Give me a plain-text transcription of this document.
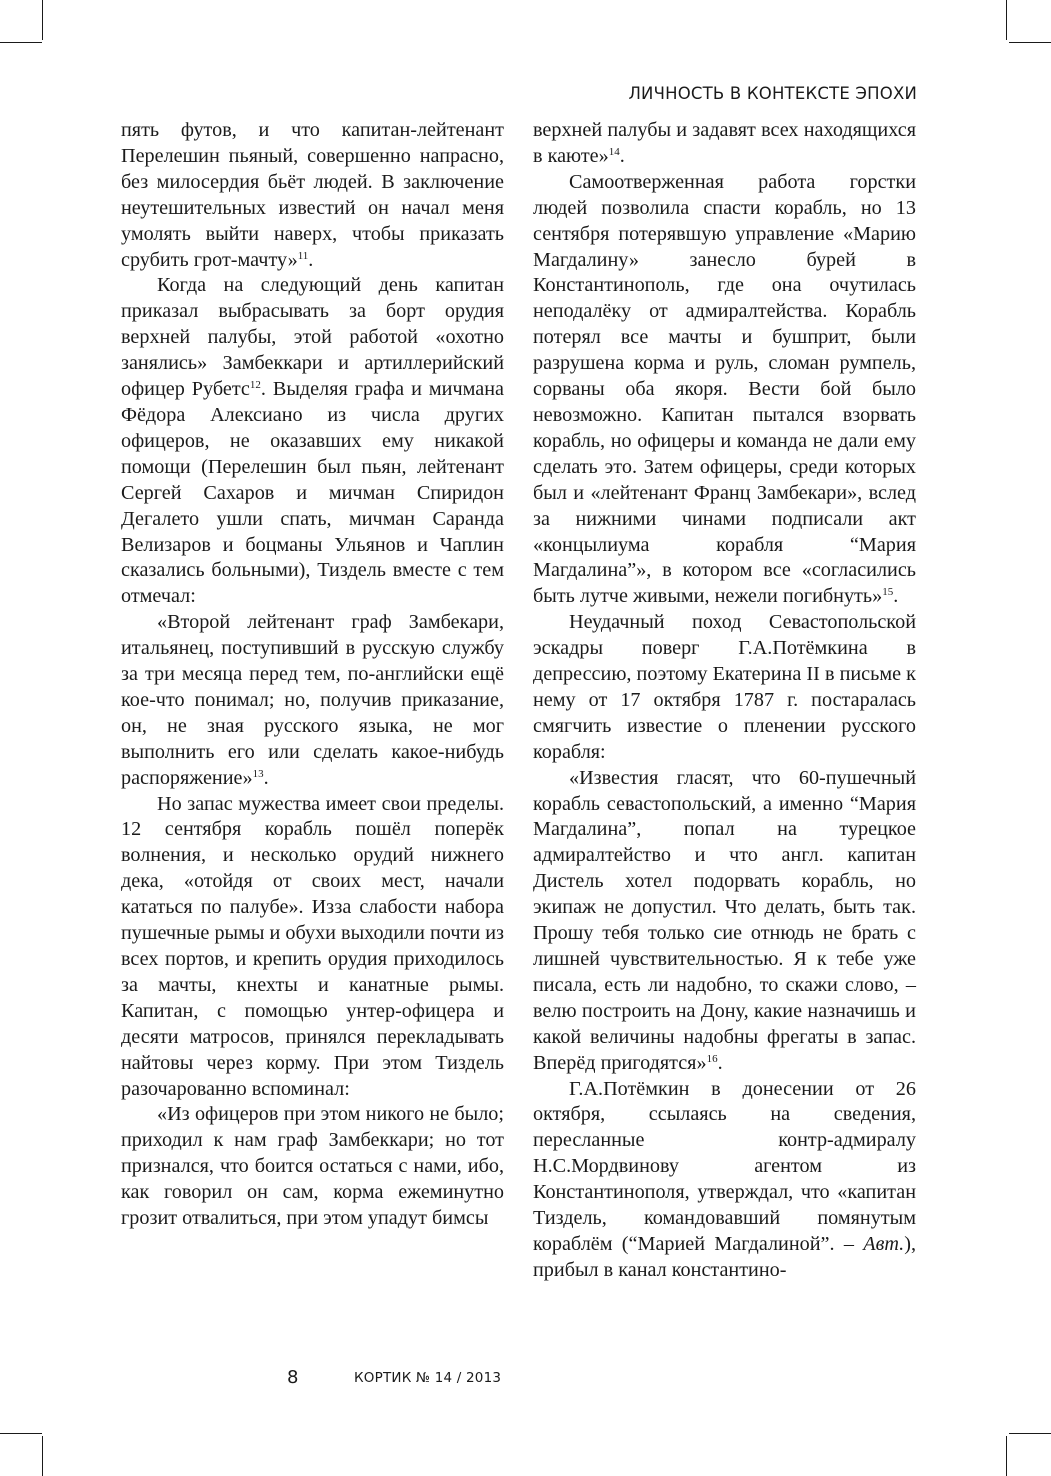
ЛИЧНОСТЬ В КОНТЕКСТЕ ЭПОХИ

пять футов, и что капитан-лейтенант Перелешин пьяный, совершенно напрасно, без милосердия бьёт людей. В заключение неутешительных известий он начал меня умолять выйти наверх, чтобы приказать срубить грот-мачту»$^{11}$.

Когда на следующий день капитан приказал выбрасывать за борт орудия верхней палубы, этой работой «охотно занялись» Замбеккари и артиллерийский офицер Рубетс$^{12}$. Выделяя графа и мичмана Фёдора Алексиано из числа других офицеров, не оказавших ему никакой помощи (Перелешин был пьян, лейтенант Сергей Сахаров и мичман Спиридон Дегалето ушли спать, мичман Саранда Велизаров и боцманы Ульянов и Чаплин сказались больными), Тиздель вместе с тем отмечал:

«Второй лейтенант граф Замбекари, итальянец, поступивший в русскую службу за три месяца перед тем, по-английски ещё кое-что понимал; но, получив приказание, он, не зная русского языка, не мог выполнить его или сделать какое-нибудь распоряжение»$^{13}$.

Но запас мужества имеет свои пределы. 12 сентября корабль пошёл поперёк волнения, и несколько орудий нижнего дека, «отойдя от своих мест, начали кататься по палубе». Изза слабости набора пушечные рымы и обухи выходили почти из всех портов, и крепить орудия приходилось за мачты, кнехты и канатные рымы. Капитан, с помощью унтер-офицера и десяти матросов, принялся перекладывать найтовы через корму. При этом Тиздель разочарованно вспоминал:

«Из офицеров при этом никого не было; приходил к нам граф Замбеккари; но тот признался, что боится остаться с нами, ибо, как говорил он сам, корма ежеминутно грозит отвалиться, при этом упадут бимсы

верхней палубы и задавят всех находящихся в каюте»$^{14}$.

Самоотверженная работа горстки людей позволила спасти корабль, но 13 сентября потерявшую управление «Марию Магдалину» занесло бурей в Константинополь, где она очутилась неподалёку от адмиралтейства. Корабль потерял все мачты и бушприт, были разрушена корма и руль, сломан румпель, сорваны оба якоря. Вести бой было невозможно. Капитан пытался взорвать корабль, но офицеры и команда не дали ему сделать это. Затем офицеры, среди которых был и «лейтенант Франц Замбекари», вслед за нижними чинами подписали акт «концылиума корабля “Мария Магдалина”», в котором все «согласились быть лутче живыми, нежели погибнуть»$^{15}$.

Неудачный поход Севастопольской эскадры поверг Г.А.Потёмкина в депрессию, поэтому Екатерина II в письме к нему от 17 октября 1787 г. постаралась смягчить известие о пленении русского корабля:

«Известия гласят, что 60-пушечный корабль севастопольский, а именно “Мария Магдалина”, попал на турецкое адмиралтейство и что англ. капитан Дистель хотел подорвать корабль, но экипаж не допустил. Что делать, быть так. Прошу тебя только сие отнюдь не брать с лишней чувствительностью. Я к тебе уже писала, есть ли надобно, то скажи слово, – велю построить на Дону, какие назначишь и какой величины надобны фрегаты в запас. Вперёд пригодятся»$^{16}$.

Г.А.Потёмкин в донесении от 26 октября, ссылаясь на сведения, пересланные контр-адмиралу Н.С.Мордвинову агентом из Константинополя, утверждал, что «капитан Тиздель, командовавший помянутым кораблём (“Марией Магдалиной”. – Авт.), прибыл в канал константино-

8	КОРТИК № 14 / 2013
